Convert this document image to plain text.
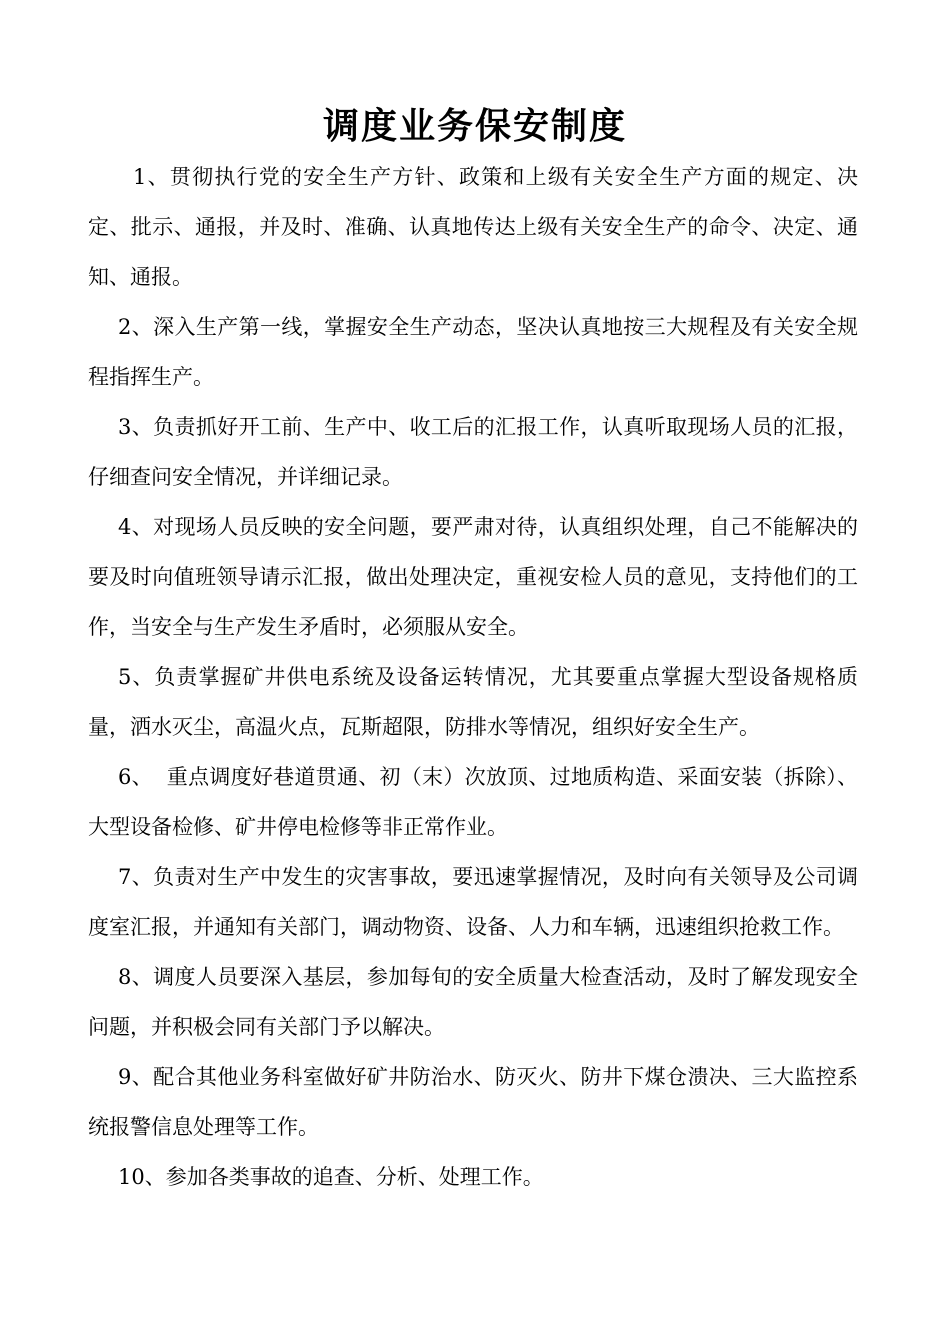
调度业务保安制度

1、贯彻执行党的安全生产方针、政策和上级有关安全生产方面的规定、决定、批示、通报，并及时、准确、认真地传达上级有关安全生产的命令、决定、通知、通报。

2、深入生产第一线，掌握安全生产动态，坚决认真地按三大规程及有关安全规程指挥生产。

3、负责抓好开工前、生产中、收工后的汇报工作，认真听取现场人员的汇报，仔细查问安全情况，并详细记录。

4、对现场人员反映的安全问题，要严肃对待，认真组织处理，自己不能解决的要及时向值班领导请示汇报，做出处理决定，重视安检人员的意见，支持他们的工作，当安全与生产发生矛盾时，必须服从安全。

5、负责掌握矿井供电系统及设备运转情况，尤其要重点掌握大型设备规格质量，洒水灭尘，高温火点，瓦斯超限，防排水等情况，组织好安全生产。

6、  重点调度好巷道贯通、初（末）次放顶、过地质构造、采面安装（拆除）、大型设备检修、矿井停电检修等非正常作业。

7、负责对生产中发生的灾害事故，要迅速掌握情况，及时向有关领导及公司调度室汇报，并通知有关部门，调动物资、设备、人力和车辆，迅速组织抢救工作。

8、调度人员要深入基层，参加每旬的安全质量大检查活动，及时了解发现安全问题，并积极会同有关部门予以解决。

9、配合其他业务科室做好矿井防治水、防灭火、防井下煤仓溃决、三大监控系统报警信息处理等工作。

10、参加各类事故的追查、分析、处理工作。
